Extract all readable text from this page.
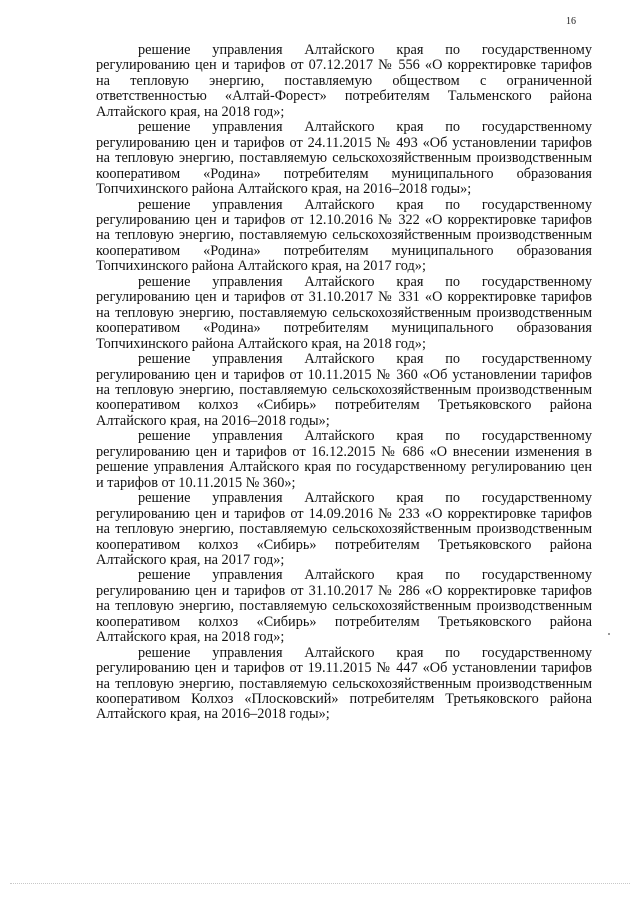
16

решение управления Алтайского края по государственному регулированию цен и тарифов от 07.12.2017 № 556 «О корректировке тарифов на тепловую энергию, поставляемую обществом с ограниченной ответственностью «Алтай-Форест» потребителям Тальменского района Алтайского края, на 2018 год»;

решение управления Алтайского края по государственному регулированию цен и тарифов от 24.11.2015 № 493 «Об установлении тарифов на тепловую энергию, поставляемую сельскохозяйственным производственным кооперативом «Родина» потребителям муниципального образования Топчихинского района Алтайского края, на 2016–2018 годы»;

решение управления Алтайского края по государственному регулированию цен и тарифов от 12.10.2016 № 322 «О корректировке тарифов на тепловую энергию, поставляемую сельскохозяйственным производственным кооперативом «Родина» потребителям муниципального образования Топчихинского района Алтайского края, на 2017 год»;

решение управления Алтайского края по государственному регулированию цен и тарифов от 31.10.2017 № 331 «О корректировке тарифов на тепловую энергию, поставляемую сельскохозяйственным производственным кооперативом «Родина» потребителям муниципального образования Топчихинского района Алтайского края, на 2018 год»;

решение управления Алтайского края по государственному регулированию цен и тарифов от 10.11.2015 № 360 «Об установлении тарифов на тепловую энергию, поставляемую сельскохозяйственным производственным кооперативом колхоз «Сибирь» потребителям Третьяковского района Алтайского края, на 2016–2018 годы»;

решение управления Алтайского края по государственному регулированию цен и тарифов от 16.12.2015 № 686 «О внесении изменения в решение управления Алтайского края по государственному регулированию цен и тарифов от 10.11.2015 № 360»;

решение управления Алтайского края по государственному регулированию цен и тарифов от 14.09.2016 № 233 «О корректировке тарифов на тепловую энергию, поставляемую сельскохозяйственным производственным кооперативом колхоз «Сибирь» потребителям Третьяковского района Алтайского края, на 2017 год»;

решение управления Алтайского края по государственному регулированию цен и тарифов от 31.10.2017 № 286 «О корректировке тарифов на тепловую энергию, поставляемую сельскохозяйственным производственным кооперативом колхоз «Сибирь» потребителям Третьяковского района Алтайского края, на 2018 год»;

решение управления Алтайского края по государственному регулированию цен и тарифов от 19.11.2015 № 447 «Об установлении тарифов на тепловую энергию, поставляемую сельскохозяйственным производственным кооперативом Колхоз «Плосковский» потребителям Третьяковского района Алтайского края, на 2016–2018 годы»;
